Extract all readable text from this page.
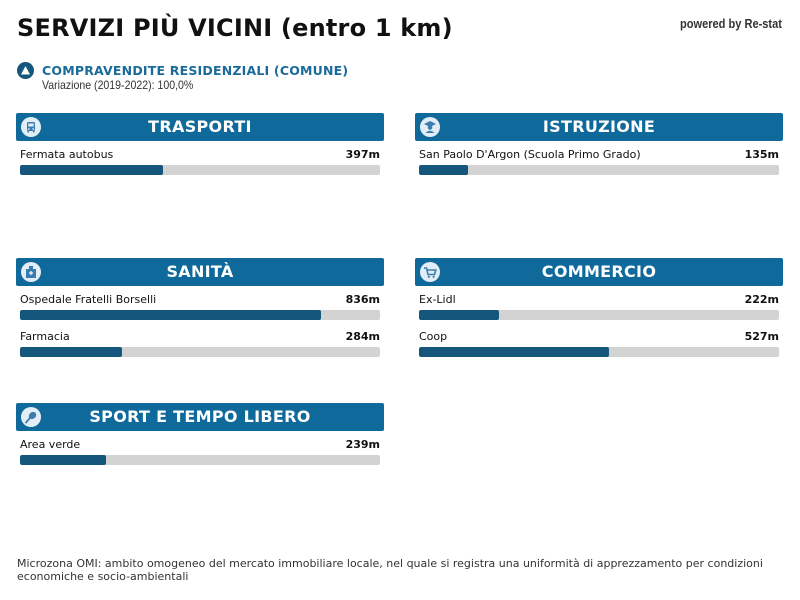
SERVIZI PIÙ VICINI (entro 1 km)	powered by Re-stat
COMPRAVENDITE RESIDENZIALI (COMUNE)
Variazione (2019-2022): 100,0%
TRASPORTI
Fermata autobus	397m
ISTRUZIONE
San Paolo D'Argon (Scuola Primo Grado)	135m
SANITÀ
Ospedale Fratelli Borselli	836m
Farmacia	284m
COMMERCIO
Ex-Lidl	222m
Coop	527m
SPORT E TEMPO LIBERO
Area verde	239m
Microzona OMI: ambito omogeneo del mercato immobiliare locale, nel quale si registra una uniformità di apprezzamento per condizioni economiche e socio-ambientali
